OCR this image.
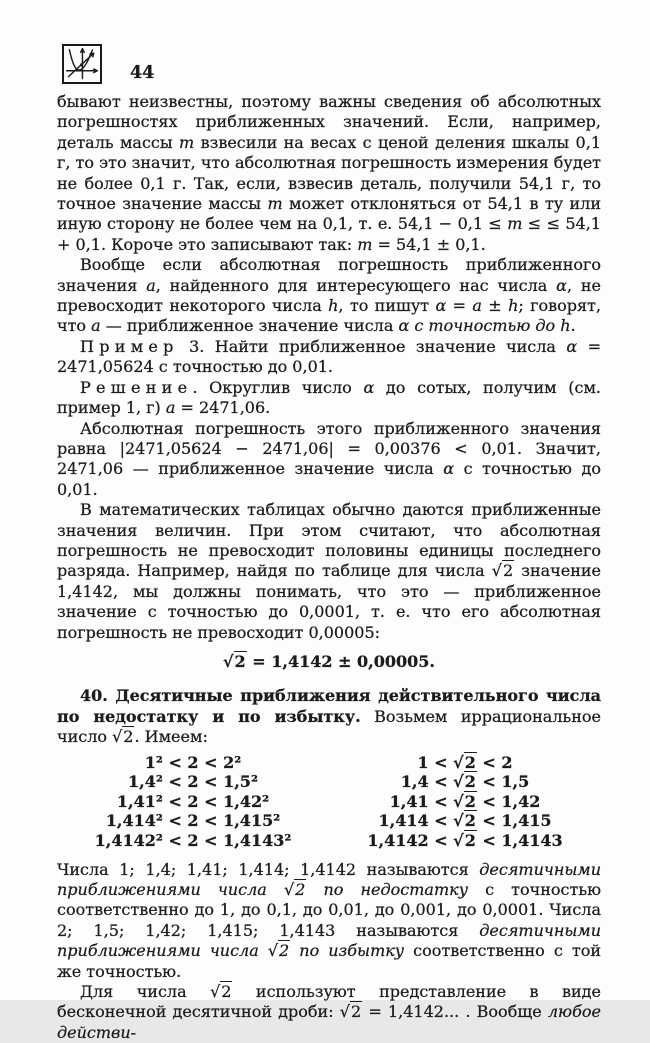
44

бывают неизвестны, поэтому важны сведения об абсолютных погрешностях приближенных значений. Если, например, деталь массы m взвесили на весах с ценой деления шкалы 0,1 г, то это значит, что абсолютная погрешность измерения будет не более 0,1 г. Так, если, взвесив деталь, получили 54,1 г, то точное значение массы m может отклоняться от 54,1 в ту или иную сторону не более чем на 0,1, т. е. 54,1 − 0,1 ≤ m ≤ ≤ 54,1 + 0,1. Короче это записывают так: m = 54,1 ± 0,1.

Вообще если абсолютная погрешность приближенного значения a, найденного для интересующего нас числа α, не превосходит некоторого числа h, то пишут α = a ± h; говорят, что a — приближенное значение числа α с точностью до h.

Пример 3. Найти приближенное значение числа α = 2471,05624 с точностью до 0,01.

Решение. Округлив число α до сотых, получим (см. пример 1, г) a = 2471,06.

Абсолютная погрешность этого приближенного значения равна |2471,05624 − 2471,06| = 0,00376 < 0,01. Значит, 2471,06 — приближенное значение числа α с точностью до 0,01.

В математических таблицах обычно даются приближенные значения величин. При этом считают, что абсолютная погрешность не превосходит половины единицы последнего разряда. Например, найдя по таблице для числа √2 значение 1,4142, мы должны понимать, что это — приближенное значение с точностью до 0,0001, т. е. что его абсолютная погрешность не превосходит 0,00005:

√2 = 1,4142 ± 0,00005.

40. Десятичные приближения действительного числа по недостатку и по избытку. Возьмем иррациональное число √2. Имеем:

1² < 2 < 2²
1,4² < 2 < 1,5²
1,41² < 2 < 1,42²
1,414² < 2 < 1,415²
1,4142² < 2 < 1,4143²
1 < √2 < 2
1,4 < √2 < 1,5
1,41 < √2 < 1,42
1,414 < √2 < 1,415
1,4142 < √2 < 1,4143

Числа 1; 1,4; 1,41; 1,414; 1,4142 называются десятичными приближениями числа √2 по недостатку с точностью соответственно до 1, до 0,1, до 0,01, до 0,001, до 0,0001. Числа 2; 1,5; 1,42; 1,415; 1,4143 называются десятичными приближениями числа √2 по избытку соответственно с той же точностью.

Для числа √2 используют представление в виде бесконечной десятичной дроби: √2 = 1,4142... . Вообще любое действи-
